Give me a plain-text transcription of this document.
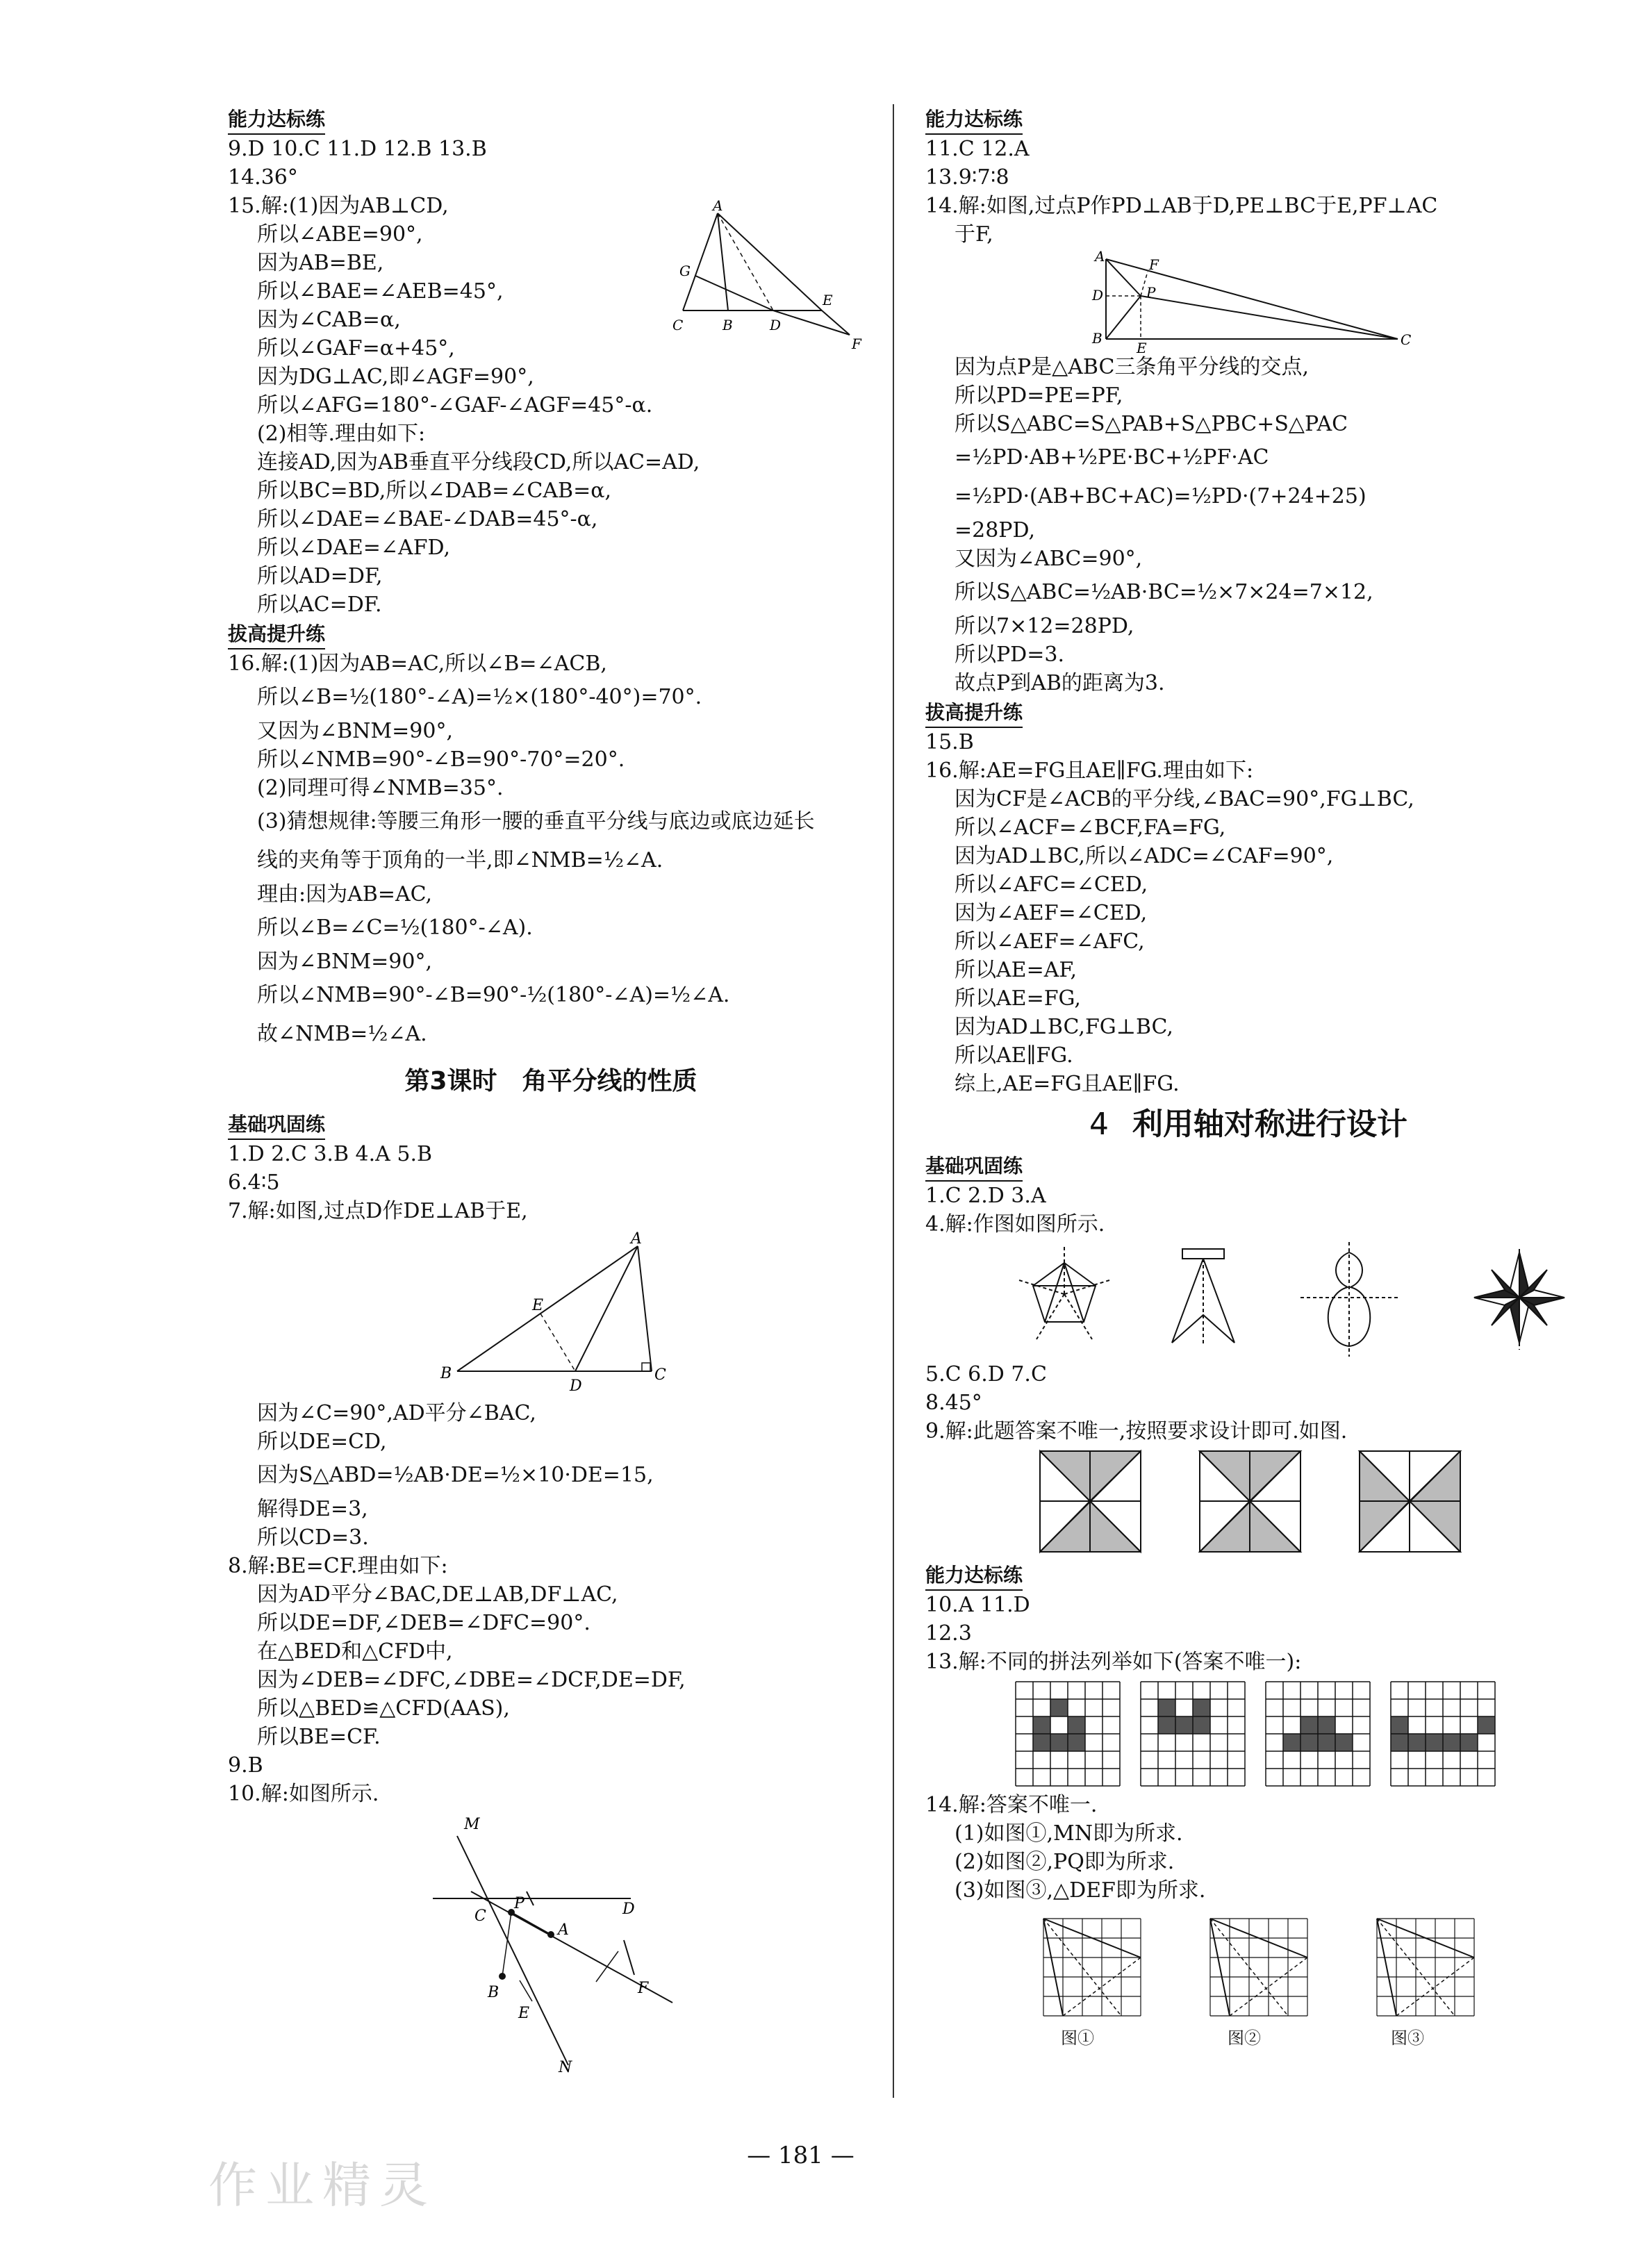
能力达标练
9.D 10.C 11.D 12.B 13.B
14.36°
15.解:(1)因为AB⊥CD,	A
G
C	B	D
E
F
所以∠ABE=90°,
因为AB=BE,
所以∠BAE=∠AEB=45°,
因为∠CAB=α,
所以∠GAF=α+45°,
因为DG⊥AC,即∠AGF=90°,
所以∠AFG=180°-∠GAF-∠AGF=45°-α.
(2)相等.理由如下:
连接AD,因为AB垂直平分线段CD,所以AC=AD,
所以BC=BD,所以∠DAB=∠CAB=α,
所以∠DAE=∠BAE-∠DAB=45°-α,
所以∠DAE=∠AFD,
所以AD=DF,
所以AC=DF.
拔高提升练
16.解:(1)因为AB=AC,所以∠B=∠ACB,
所以∠B=½(180°-∠A)=½×(180°-40°)=70°.
又因为∠BNM=90°,
所以∠NMB=90°-∠B=90°-70°=20°.
(2)同理可得∠NMB=35°.
(3)猜想规律:等腰三角形一腰的垂直平分线与底边或底边延长
线的夹角等于顶角的一半,即∠NMB=½∠A.
理由:因为AB=AC,
所以∠B=∠C=½(180°-∠A).
因为∠BNM=90°,
所以∠NMB=90°-∠B=90°-½(180°-∠A)=½∠A.
故∠NMB=½∠A.
第3课时　角平分线的性质
基础巩固练
1.D 2.C 3.B 4.A 5.B
6.4∶5
7.解:如图,过点D作DE⊥AB于E,
A
E
B
D
C
因为∠C=90°,AD平分∠BAC,
所以DE=CD,
因为S△ABD=½AB·DE=½×10·DE=15,
解得DE=3,
所以CD=3.
8.解:BE=CF.理由如下:
因为AD平分∠BAC,DE⊥AB,DF⊥AC,
所以DE=DF,∠DEB=∠DFC=90°.
在△BED和△CFD中,
因为∠DEB=∠DFC,∠DBE=∠DCF,DE=DF,
所以△BED≌△CFD(AAS),
所以BE=CF.
9.B
10.解:如图所示.
M
C
P
A
D
B
E
F
N
能力达标练
11.C 12.A
13.9∶7∶8
14.解:如图,过点P作PD⊥AB于D,PE⊥BC于E,PF⊥AC
于F,
A	F
D	P
B
E	C
因为点P是△ABC三条角平分线的交点,
所以PD=PE=PF,
所以S△ABC=S△PAB+S△PBC+S△PAC
=½PD·AB+½PE·BC+½PF·AC
=½PD·(AB+BC+AC)=½PD·(7+24+25)
=28PD,
又因为∠ABC=90°,
所以S△ABC=½AB·BC=½×7×24=7×12,
所以7×12=28PD,
所以PD=3.
故点P到AB的距离为3.
拔高提升练
15.B
16.解:AE=FG且AE∥FG.理由如下:
因为CF是∠ACB的平分线,∠BAC=90°,FG⊥BC,
所以∠ACF=∠BCF,FA=FG,
因为AD⊥BC,所以∠ADC=∠CAF=90°,
所以∠AFC=∠CED,
因为∠AEF=∠CED,
所以∠AEF=∠AFC,
所以AE=AF,
所以AE=FG,
因为AD⊥BC,FG⊥BC,
所以AE∥FG.
综上,AE=FG且AE∥FG.
4 利用轴对称进行设计
基础巩固练
1.C 2.D 3.A
4.解:作图如图所示.
5.C 6.D 7.C
8.45°
9.解:此题答案不唯一,按照要求设计即可.如图.
能力达标练
10.A 11.D
12.3
13.解:不同的拼法列举如下(答案不唯一):
14.解:答案不唯一.
(1)如图①,MN即为所求.
(2)如图②,PQ即为所求.
(3)如图③,△DEF即为所求.
图①	图②	图③
— 181 —
作业精灵
